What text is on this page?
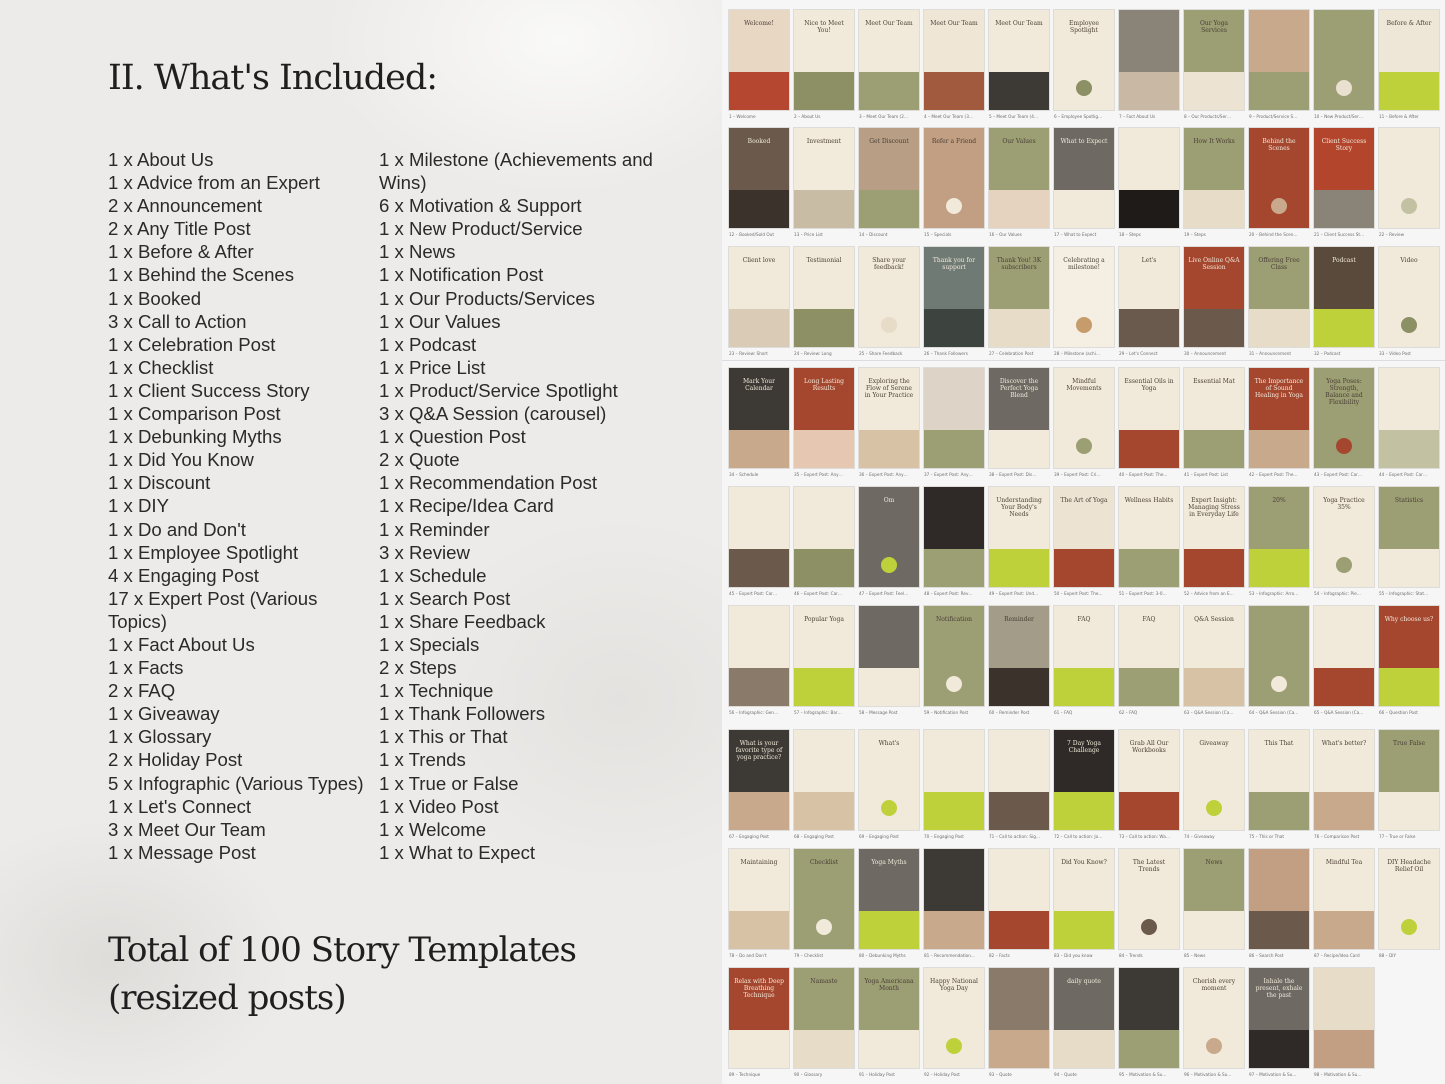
II. What's Included:
1 x About Us
1 x Advice from an Expert
2 x Announcement
2 x Any Title Post
1 x Before & After
1 x Behind the Scenes
1 x Booked
3 x Call to Action
1 x Celebration Post
1 x Checklist
1 x Client Success Story
1 x Comparison Post
1 x Debunking Myths
1 x Did You Know
1 x Discount
1 x DIY
1 x Do and Don't
1 x Employee Spotlight
4 x Engaging Post
17 x Expert Post (Various Topics)
1 x Fact About Us
1 x Facts
2 x FAQ
1 x Giveaway
1 x Glossary
2 x Holiday Post
5 x Infographic (Various Types)
1 x Let's Connect
3 x Meet Our Team
1 x Message Post
1 x Milestone (Achievements and Wins)
6 x Motivation & Support
1 x New Product/Service
1 x News
1 x Notification Post
1 x Our Products/Services
1 x Our Values
1 x Podcast
1 x Price List
1 x Product/Service Spotlight
3 x Q&A Session (carousel)
1 x Question Post
2 x Quote
1 x Recommendation Post
1 x Recipe/Idea Card
1 x Reminder
3 x Review
1 x Schedule
1 x Search Post
1 x Share Feedback
1 x Specials
2 x Steps
1 x Technique
1 x Thank Followers
1 x This or That
1 x Trends
1 x True or False
1 x Video Post
1 x Welcome
1 x What to Expect
Total of 100 Story Templates
(resized posts)
Welcome!
1 – Welcome
Nice to Meet You!
2 – About Us
Meet Our Team
3 – Meet Our Team (2…
Meet Our Team
4 – Meet Our Team (3…
Meet Our Team
5 – Meet Our Team (4…
Employee Spotlight
6 – Employee Spotlig…	7 – Fact About Us
Our Yoga Services
8 – Our Products/Ser…	9 – Product/Service S…	10 – New Product/Ser…
Before & After
11 – Before & After
Booked
12 – Booked/Sold Out
Investment
13 – Price List
Get Discount
14 – Discount
Refer a Friend
15 – Specials
Our Values
16 – Our Values
What to Expect
17 – What to Expect	18 – Steps
How It Works
19 – Steps
Behind the Scenes
20 – Behind the Scen…
Client Success Story
21 – Client Success St…	22 – Review
Client love
23 – Review: Short
Testimonial
24 – Review: Long
Share your feedback!
25 – Share Feedback
Thank you for support
26 – Thank Followers
Thank You! 3K subscribers
27 – Celebration Post
Celebrating a milestone!
28 – Milestone (achi…
Let's
29 – Let's Connect
Live Online Q&A Session
30 – Announcement
Offering Free Class
31 – Announcement
Podcast
32 – Podcast
Video
33 – Video Post
Mark Your Calendar
34 – Schedule
Long Lasting Results
35 – Expert Post: Any…
Exploring the Flow of Serene in Your Practice
36 – Expert Post: Any…	37 – Expert Post: Any…
Discover the Perfect Yoga Blend
38 – Expert Post: Dis…
Mindful Movements
39 – Expert Post: Cri…
Essential Oils in Yoga
40 – Expert Post: The…
Essential Mat
41 – Expert Post: List
The Importance of Sound Healing in Yoga
42 – Expert Post: The…
Yoga Poses: Strength, Balance and Flexibility
43 – Expert Post: Car…	44 – Expert Post: Car…
45 – Expert Post: Car…	46 – Expert Post: Car…
Om
47 – Expert Post: Feel…	48 – Expert Post: Rev…
Understanding Your Body's Needs
49 – Expert Post: Und…
The Art of Yoga
50 – Expert Post: The…
Wellness Habits
51 – Expert Post: 3-0…
Expert Insight: Managing Stress in Everyday Life
52 – Advice from an E…
20%
53 – Infographic: Arro…
Yoga Practice 35%
54 – Infographic: Pie…
Statistics
55 – Infographic: Stat…
56 – Infographic: Gen…
Popular Yoga
57 – Infographic: Bar…	58 – Message Post
Notification
59 – Notification Post
Reminder
60 – Reminder Post
FAQ
61 – FAQ
FAQ
62 – FAQ
Q&A Session
63 – Q&A Session (Ca…	64 – Q&A Session (Ca…	65 – Q&A Session (Ca…
Why choose us?
66 – Question Post
What is your favorite type of yoga practice?
67 – Engaging Post	68 – Engaging Post
What's
69 – Engaging Post	70 – Engaging Post	71 – Call to action: Sig…
7 Day Yoga Challenge
72 – Call to action: Jo…
Grab All Our Workbooks
73 – Call to action: Wa…
Giveaway
74 – Giveaway
This That
75 – This or That
What's better?
76 – Comparison Post
True False
77 – True or False
Maintaining
78 – Do and Don't
Checklist
79 – Checklist
Yoga Myths
80 – Debunking Myths	81 – Recommendation…	82 – Facts
Did You Know?
83 – Did you know
The Latest Trends
84 – Trends
News
85 – News	86 – Search Post
Mindful Tea
87 – Recipe/Idea Card
DIY Headache Relief Oil
88 – DIY
Relax with Deep Breathing Technique
89 – Technique
Namaste
90 – Glossary
Yoga Americana Month
91 – Holiday Post
Happy National Yoga Day
92 – Holiday Post	93 – Quote
daily quote
94 – Quote	95 – Motivation & Su…
Cherish every moment
96 – Motivation & Su…
Inhale the present, exhale the past
97 – Motivation & Su…	98 – Motivation & Su…
